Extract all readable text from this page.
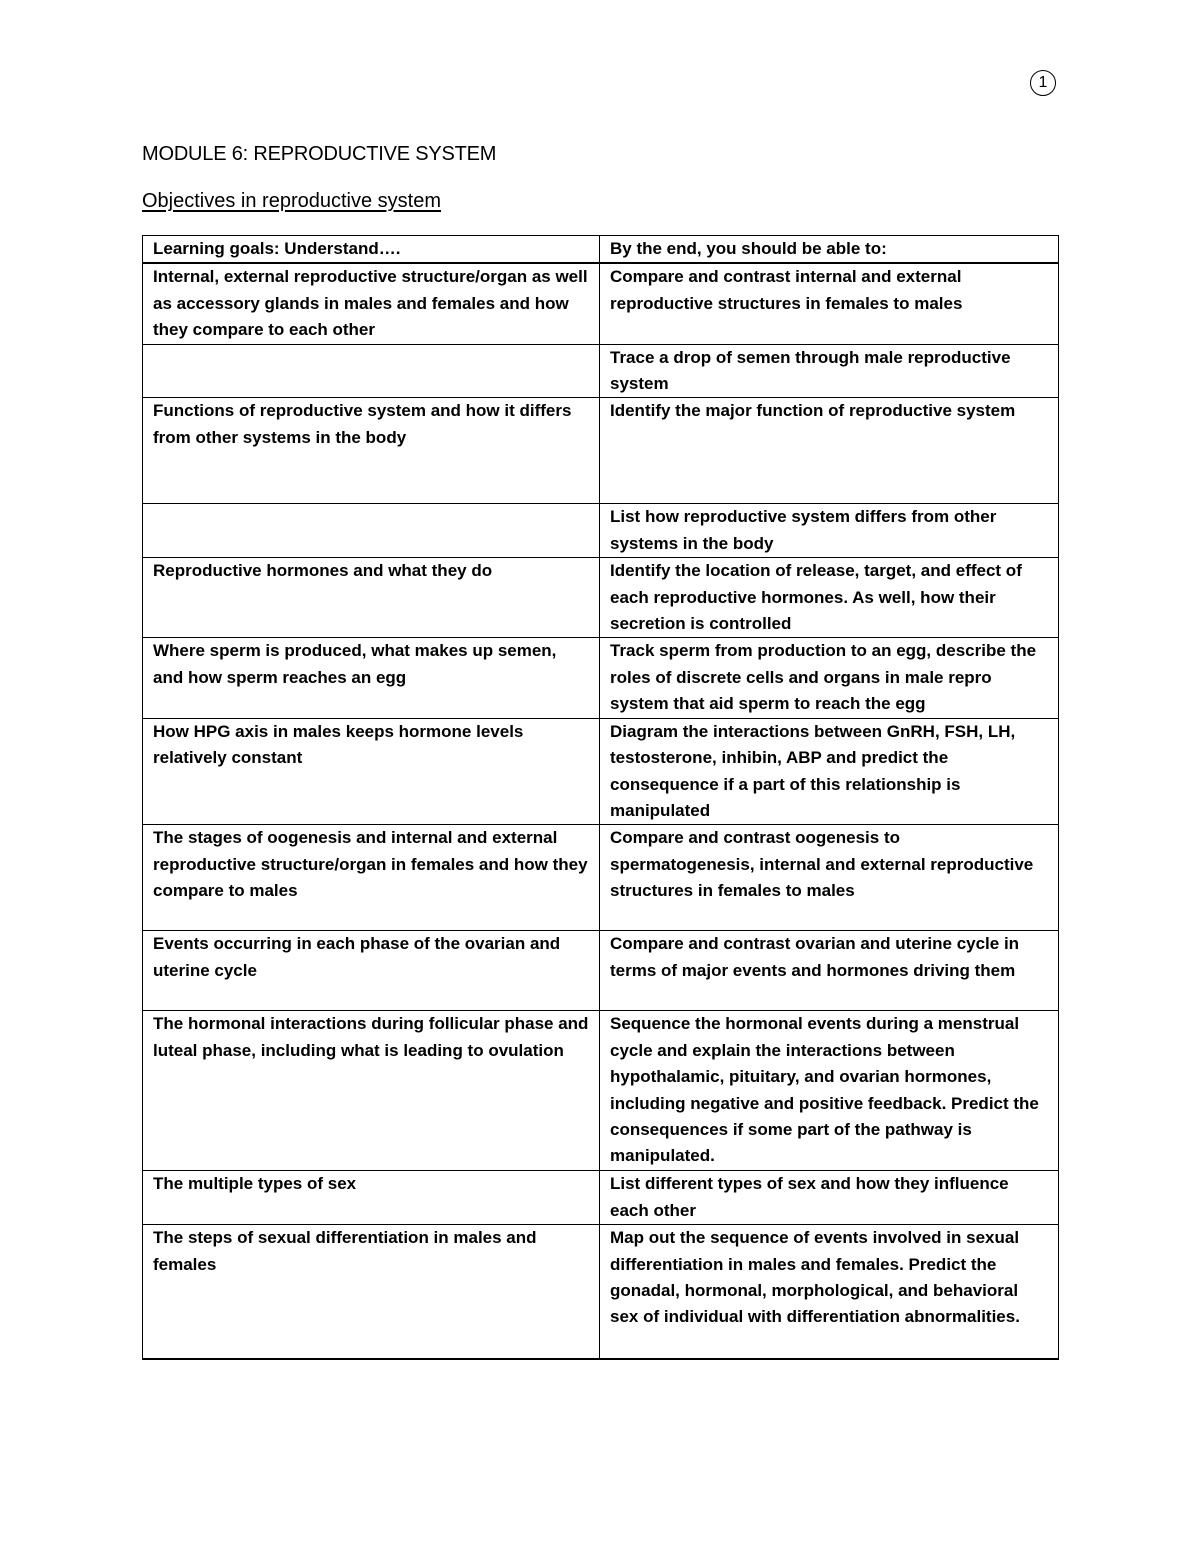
1
MODULE 6: REPRODUCTIVE SYSTEM
Objectives in reproductive system
Learning goals: Understand….	By the end, you should be able to:
Internal, external reproductive structure/organ as well as accessory glands in males and females and how they compare to each other	Compare and contrast internal and external reproductive structures in females to males
	Trace a drop of semen through male reproductive system
Functions of reproductive system and how it differs from other systems in the body	Identify the major function of reproductive system
	List how reproductive system differs from other systems in the body
Reproductive hormones and what they do	Identify the location of release, target, and effect of each reproductive hormones. As well, how their secretion is controlled
Where sperm is produced, what makes up semen, and how sperm reaches an egg	Track sperm from production to an egg, describe the roles of discrete cells and organs in male repro system that aid sperm to reach the egg
How HPG axis in males keeps hormone levels relatively constant	Diagram the interactions between GnRH, FSH, LH, testosterone, inhibin, ABP and predict the consequence if a part of this relationship is manipulated
The stages of oogenesis and internal and external reproductive structure/organ in females and how they compare to males	Compare and contrast oogenesis to spermatogenesis, internal and external reproductive structures in females to males
Events occurring in each phase of the ovarian and uterine cycle	Compare and contrast ovarian and uterine cycle in terms of major events and hormones driving them
The hormonal interactions during follicular phase and luteal phase, including what is leading to ovulation	Sequence the hormonal events during a menstrual cycle and explain the interactions between hypothalamic, pituitary, and ovarian hormones, including negative and positive feedback. Predict the consequences if some part of the pathway is manipulated.
The multiple types of sex	List different types of sex and how they influence each other
The steps of sexual differentiation in males and females	Map out the sequence of events involved in sexual differentiation in males and females. Predict the gonadal, hormonal, morphological, and behavioral sex of individual with differentiation abnormalities.
